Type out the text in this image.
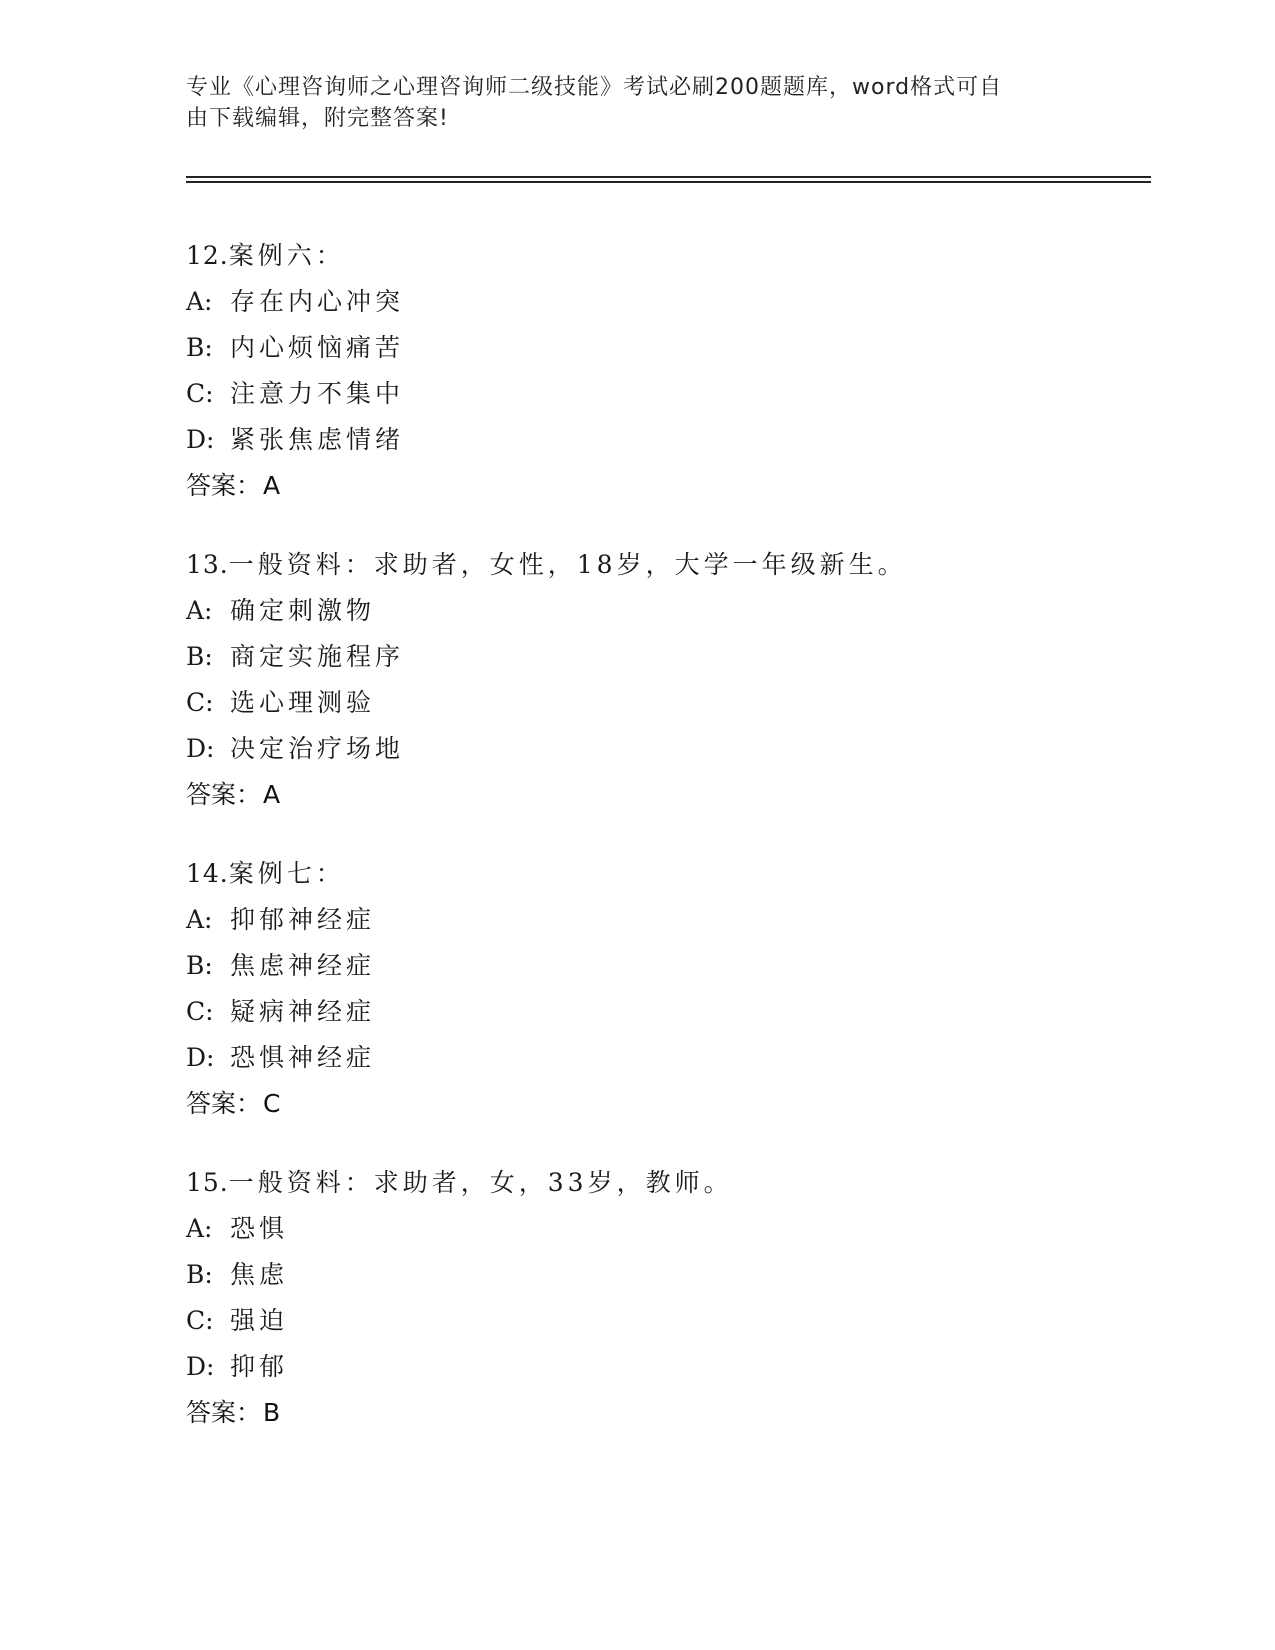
专业《心理咨询师之心理咨询师二级技能》考试必刷200题题库，word格式可自
由下载编辑，附完整答案!
12.案例六：
A: 存在内心冲突
B: 内心烦恼痛苦
C: 注意力不集中
D: 紧张焦虑情绪
答案：A
13.一般资料：求助者，女性，18岁，大学一年级新生。
A: 确定刺激物
B: 商定实施程序
C: 选心理测验
D: 决定治疗场地
答案：A
14.案例七：
A: 抑郁神经症
B: 焦虑神经症
C: 疑病神经症
D: 恐惧神经症
答案：C
15.一般资料：求助者，女，33岁，教师。
A: 恐惧
B: 焦虑
C: 强迫
D: 抑郁
答案：B
